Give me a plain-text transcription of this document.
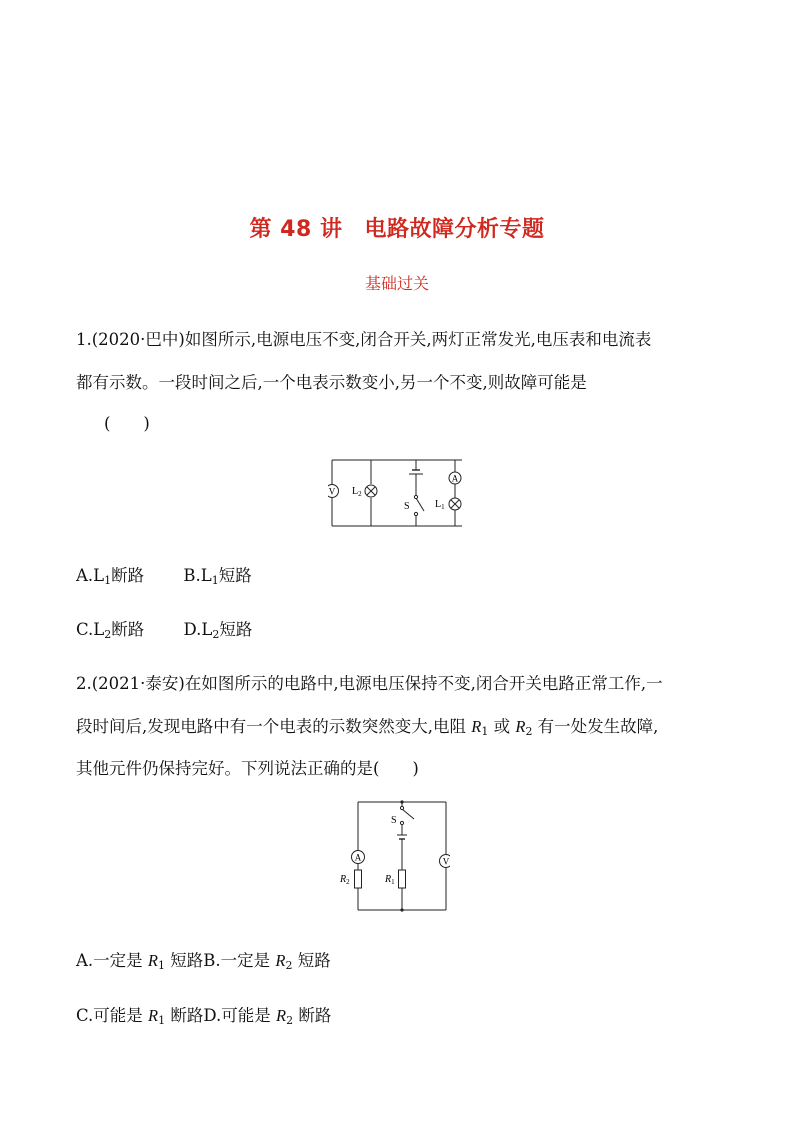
第 48 讲 电路故障分析专题
基础过关
1.(2020·巴中)如图所示,电源电压不变,闭合开关,两灯正常发光,电压表和电流表
都有示数。一段时间之后,一个电表示数变小,另一个不变,则故障可能是
(　　)
V $L_2$
S
A
$L_1$
$A.L_1$断路 $B.L_1$短路
$C.L_2$断路 $D.L_2$短路
2.(2021·泰安)在如图所示的电路中,电源电压保持不变,闭合开关电路正常工作,一
段时间后,发现电路中有一个电表的示数突然变大,电阻 $R_1$ 或 $R_2$ 有一处发生故障,
其他元件仍保持完好。下列说法正确的是(　　)
A
S
$R_2$	$R_1$
V
A.一定是 $R_1$ 短路B.一定是 $R_2$ 短路
C.可能是 $R_1$ 断路D.可能是 $R_2$ 断路
